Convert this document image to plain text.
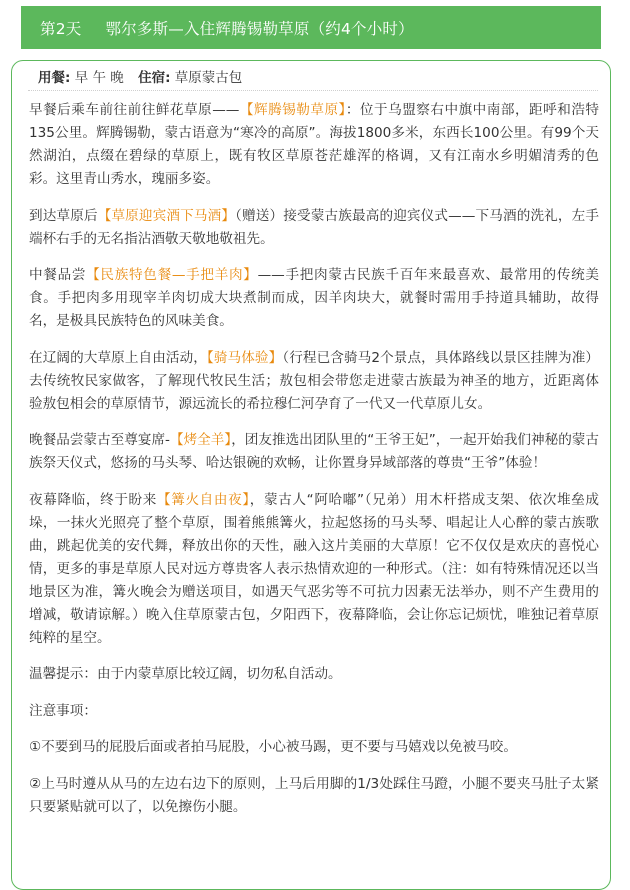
第2天 鄂尔多斯—入住辉腾锡勒草原（约4个小时）
用餐: 早 午 晚 住宿: 草原蒙古包

早餐后乘车前往前往鲜花草原——【辉腾锡勒草原】：位于乌盟察右中旗中南部，距呼和浩特135公里。辉腾锡勒，蒙古语意为“寒冷的高原”。海拔1800多米，东西长100公里。有99个天然湖泊，点缀在碧绿的草原上，既有牧区草原苍茫雄浑的格调，又有江南水乡明媚清秀的色彩。这里青山秀水，瑰丽多姿。

到达草原后【草原迎宾酒下马酒】（赠送）接受蒙古族最高的迎宾仪式——下马酒的洗礼，左手端杯右手的无名指沾酒敬天敬地敬祖先。

中餐品尝【民族特色餐—手把羊肉】——手把肉蒙古民族千百年来最喜欢、最常用的传统美食。手把肉多用现宰羊肉切成大块煮制而成，因羊肉块大，就餐时需用手持道具辅助，故得名，是极具民族特色的风味美食。

在辽阔的大草原上自由活动，【骑马体验】（行程已含骑马2个景点，具体路线以景区挂牌为准）去传统牧民家做客，了解现代牧民生活；敖包相会带您走进蒙古族最为神圣的地方，近距离体验敖包相会的草原情节，源远流长的希拉穆仁河孕育了一代又一代草原儿女。

晚餐品尝蒙古至尊宴席-【烤全羊】，团友推选出团队里的“王爷王妃”，一起开始我们神秘的蒙古族祭天仪式，悠扬的马头琴、哈达银碗的欢畅，让你置身异域部落的尊贵“王爷”体验！

夜幕降临，终于盼来【篝火自由夜】，蒙古人“阿哈嘟”（兄弟）用木杆搭成支架、依次堆垒成垛，一抹火光照亮了整个草原，围着熊熊篝火，拉起悠扬的马头琴、唱起让人心醉的蒙古族歌曲，跳起优美的安代舞，释放出你的天性，融入这片美丽的大草原！它不仅仅是欢庆的喜悦心情，更多的事是草原人民对远方尊贵客人表示热情欢迎的一种形式。（注：如有特殊情况还以当地景区为准，篝火晚会为赠送项目，如遇天气恶劣等不可抗力因素无法举办，则不产生费用的增减，敬请谅解。）晚入住草原蒙古包，夕阳西下，夜幕降临，会让你忘记烦忧，唯独记着草原纯粹的星空。

温馨提示：由于内蒙草原比较辽阔，切勿私自活动。

注意事项：

①不要到马的屁股后面或者拍马屁股，小心被马踢，更不要与马嬉戏以免被马咬。

②上马时遵从从马的左边右边下的原则，上马后用脚的1/3处踩住马蹬，小腿不要夹马肚子太紧只要紧贴就可以了，以免擦伤小腿。
